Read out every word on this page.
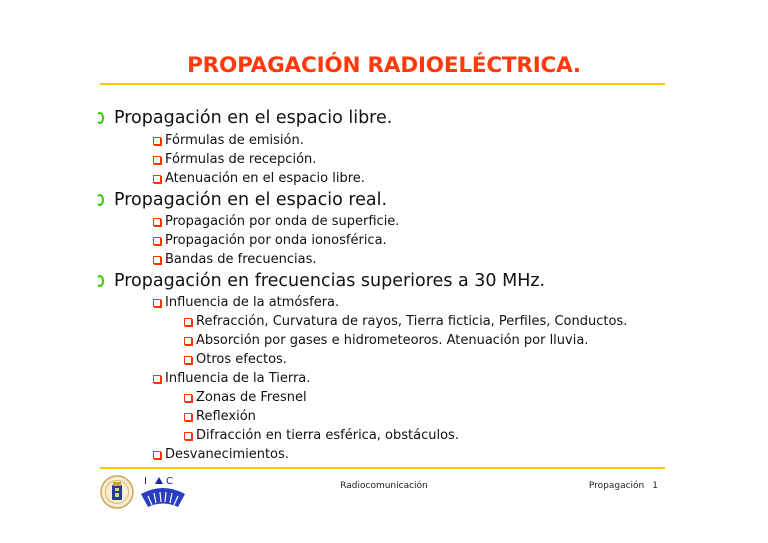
PROPAGACIÓN RADIOELÉCTRICA.
Propagación en el espacio libre.
Fórmulas de emisión.
Fórmulas de recepción.
Atenuación en el espacio libre.
Propagación en el espacio real.
Propagación por onda de superficie.
Propagación por onda ionosférica.
Bandas de frecuencias.
Propagación en frecuencias superiores a 30 MHz.
Influencia de la atmósfera.
Refracción, Curvatura de rayos, Tierra ficticia, Perfiles, Conductos.
Absorción por gases e hidrometeoros. Atenuación por lluvia.
Otros efectos.
Influencia de la Tierra.
Zonas de Fresnel
Reflexión
Difracción en tierra esférica, obstáculos.
Desvanecimientos.
I C	Radiocomunicación	Propagación 1
